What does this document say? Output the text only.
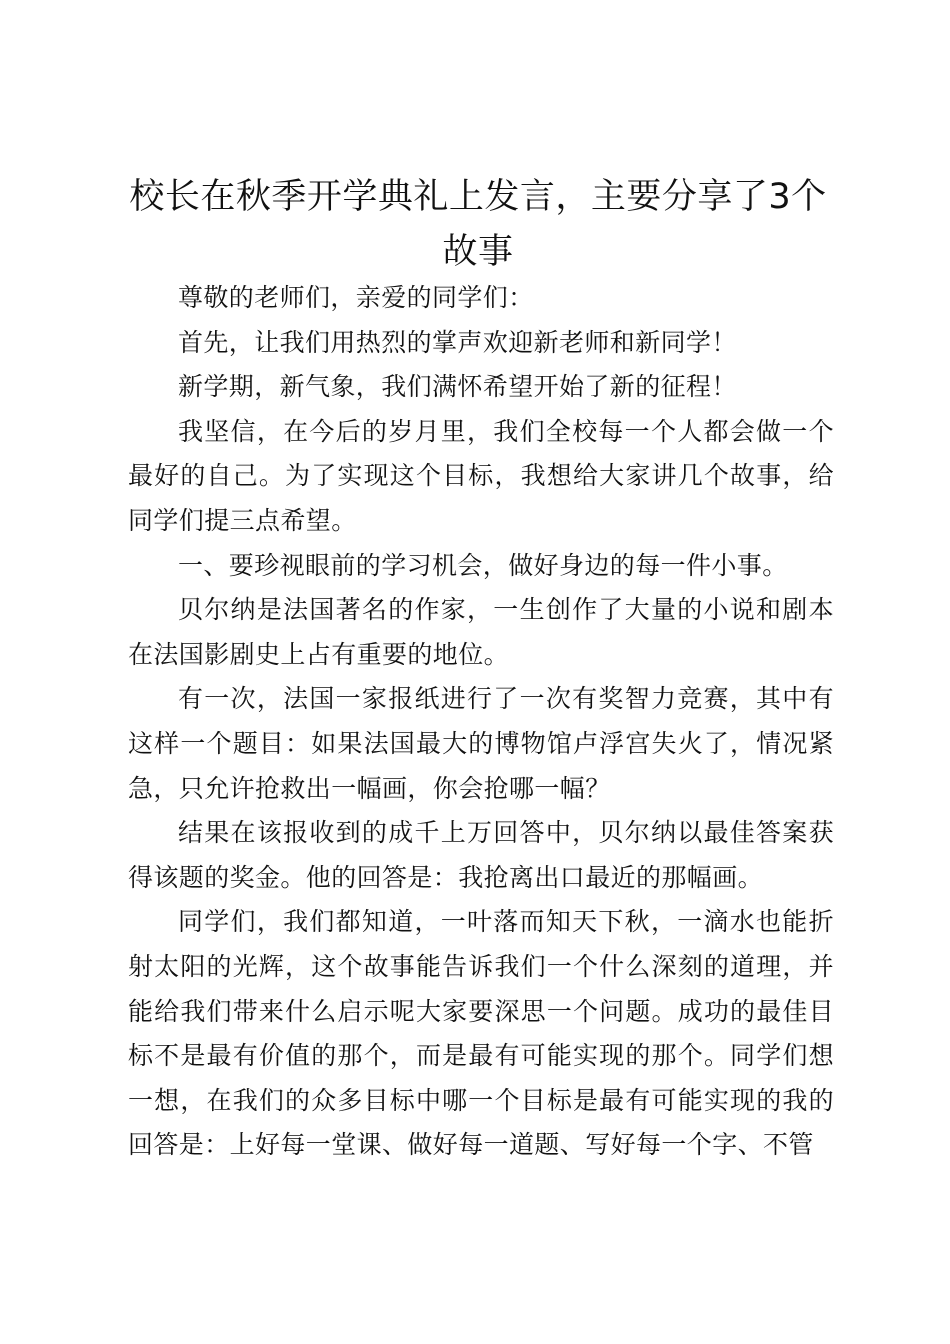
校长在秋季开学典礼上发言，主要分享了3个故事

尊敬的老师们，亲爱的同学们：

首先，让我们用热烈的掌声欢迎新老师和新同学！

新学期，新气象，我们满怀希望开始了新的征程！

我坚信，在今后的岁月里，我们全校每一个人都会做一个最好的自己。为了实现这个目标，我想给大家讲几个故事，给同学们提三点希望。

一、要珍视眼前的学习机会，做好身边的每一件小事。

贝尔纳是法国著名的作家，一生创作了大量的小说和剧本在法国影剧史上占有重要的地位。

有一次，法国一家报纸进行了一次有奖智力竞赛，其中有这样一个题目：如果法国最大的博物馆卢浮宫失火了，情况紧急，只允许抢救出一幅画，你会抢哪一幅？

结果在该报收到的成千上万回答中，贝尔纳以最佳答案获得该题的奖金。他的回答是：我抢离出口最近的那幅画。

同学们，我们都知道，一叶落而知天下秋，一滴水也能折射太阳的光辉，这个故事能告诉我们一个什么深刻的道理，并能给我们带来什么启示呢大家要深思一个问题。成功的最佳目标不是最有价值的那个，而是最有可能实现的那个。同学们想一想，在我们的众多目标中哪一个目标是最有可能实现的我的回答是：上好每一堂课、做好每一道题、写好每一个字、不管
